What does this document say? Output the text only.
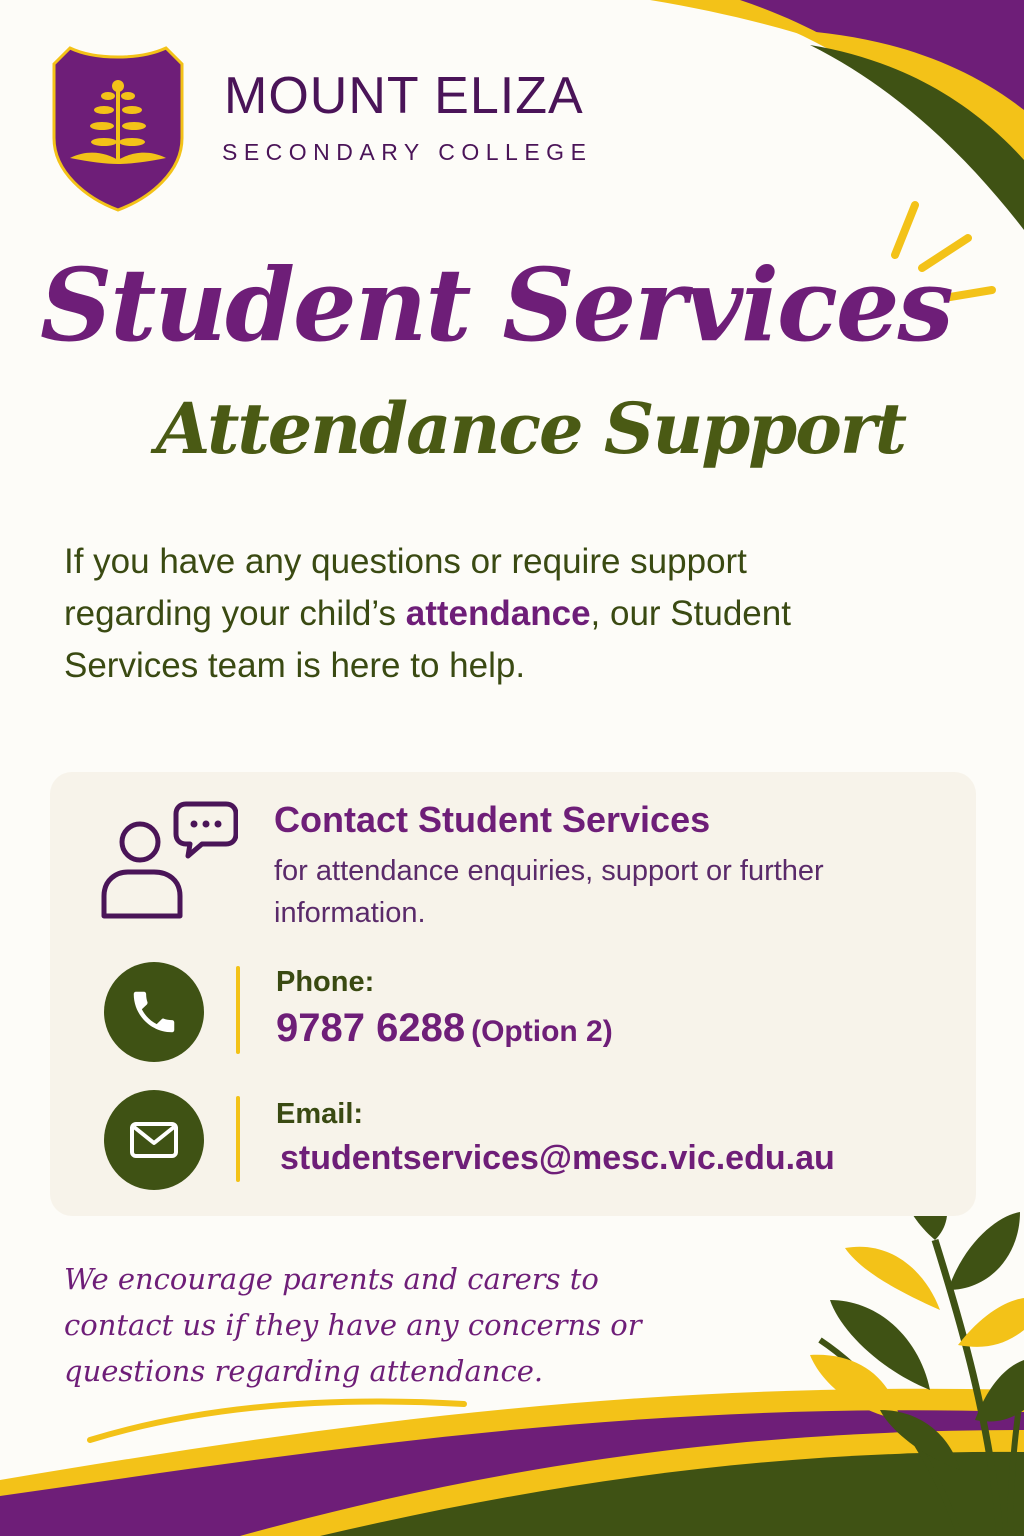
MOUNT ELIZA

SECONDARY COLLEGE

Student Services
Attendance Support

If you have any questions or require support regarding your child’s attendance, our Student Services team is here to help.

Contact Student Services

for attendance enquiries, support or further information.

Phone:

9787 6288 (Option 2)

Email:

studentservices@mesc.vic.edu.au

We encourage parents and carers to contact us if they have any concerns or questions regarding attendance.
